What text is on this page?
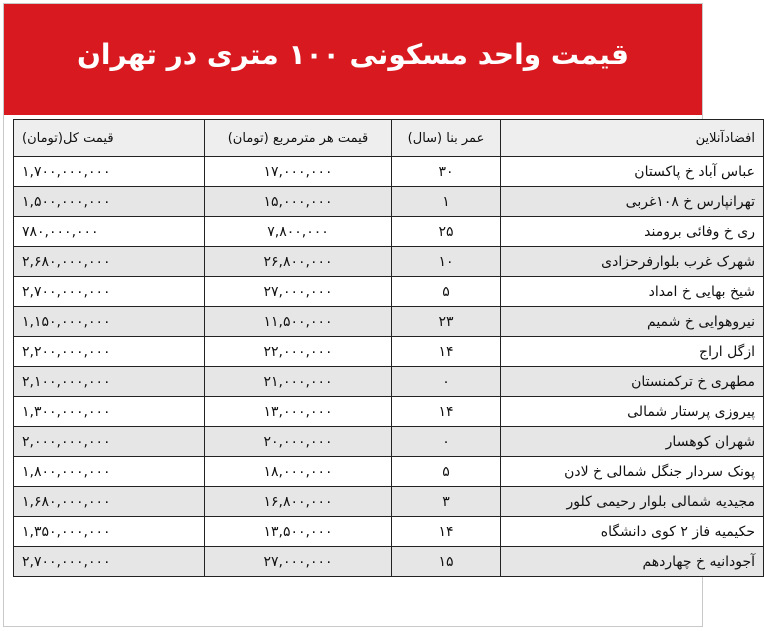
قیمت واحد مسکونی ۱۰۰ متری در تهران
افضادآنلاین	عمر بنا (سال)	قیمت هر مترمربع (تومان)	قیمت کل(تومان)
عباس آباد خ پاکستان	۳۰	۱۷,۰۰۰,۰۰۰	۱,۷۰۰,۰۰۰,۰۰۰
تهرانپارس خ ۱۰۸غربی	۱	۱۵,۰۰۰,۰۰۰	۱,۵۰۰,۰۰۰,۰۰۰
ری خ وفائی برومند	۲۵	۷,۸۰۰,۰۰۰	۷۸۰,۰۰۰,۰۰۰
شهرک غرب بلوارفرحزادی	۱۰	۲۶,۸۰۰,۰۰۰	۲,۶۸۰,۰۰۰,۰۰۰
شیخ بهایی خ امداد	۵	۲۷,۰۰۰,۰۰۰	۲,۷۰۰,۰۰۰,۰۰۰
نیروهوایی خ شمیم	۲۳	۱۱,۵۰۰,۰۰۰	۱,۱۵۰,۰۰۰,۰۰۰
ازگل اراج	۱۴	۲۲,۰۰۰,۰۰۰	۲,۲۰۰,۰۰۰,۰۰۰
مطهری خ ترکمنستان	۰	۲۱,۰۰۰,۰۰۰	۲,۱۰۰,۰۰۰,۰۰۰
پیروزی پرستار شمالی	۱۴	۱۳,۰۰۰,۰۰۰	۱,۳۰۰,۰۰۰,۰۰۰
شهران کوهسار	۰	۲۰,۰۰۰,۰۰۰	۲,۰۰۰,۰۰۰,۰۰۰
پونک سردار جنگل شمالی خ لادن	۵	۱۸,۰۰۰,۰۰۰	۱,۸۰۰,۰۰۰,۰۰۰
مجیدیه شمالی بلوار رحیمی کلور	۳	۱۶,۸۰۰,۰۰۰	۱,۶۸۰,۰۰۰,۰۰۰
حکیمیه فاز ۲ کوی دانشگاه	۱۴	۱۳,۵۰۰,۰۰۰	۱,۳۵۰,۰۰۰,۰۰۰
آجودانیه خ چهاردهم	۱۵	۲۷,۰۰۰,۰۰۰	۲,۷۰۰,۰۰۰,۰۰۰
